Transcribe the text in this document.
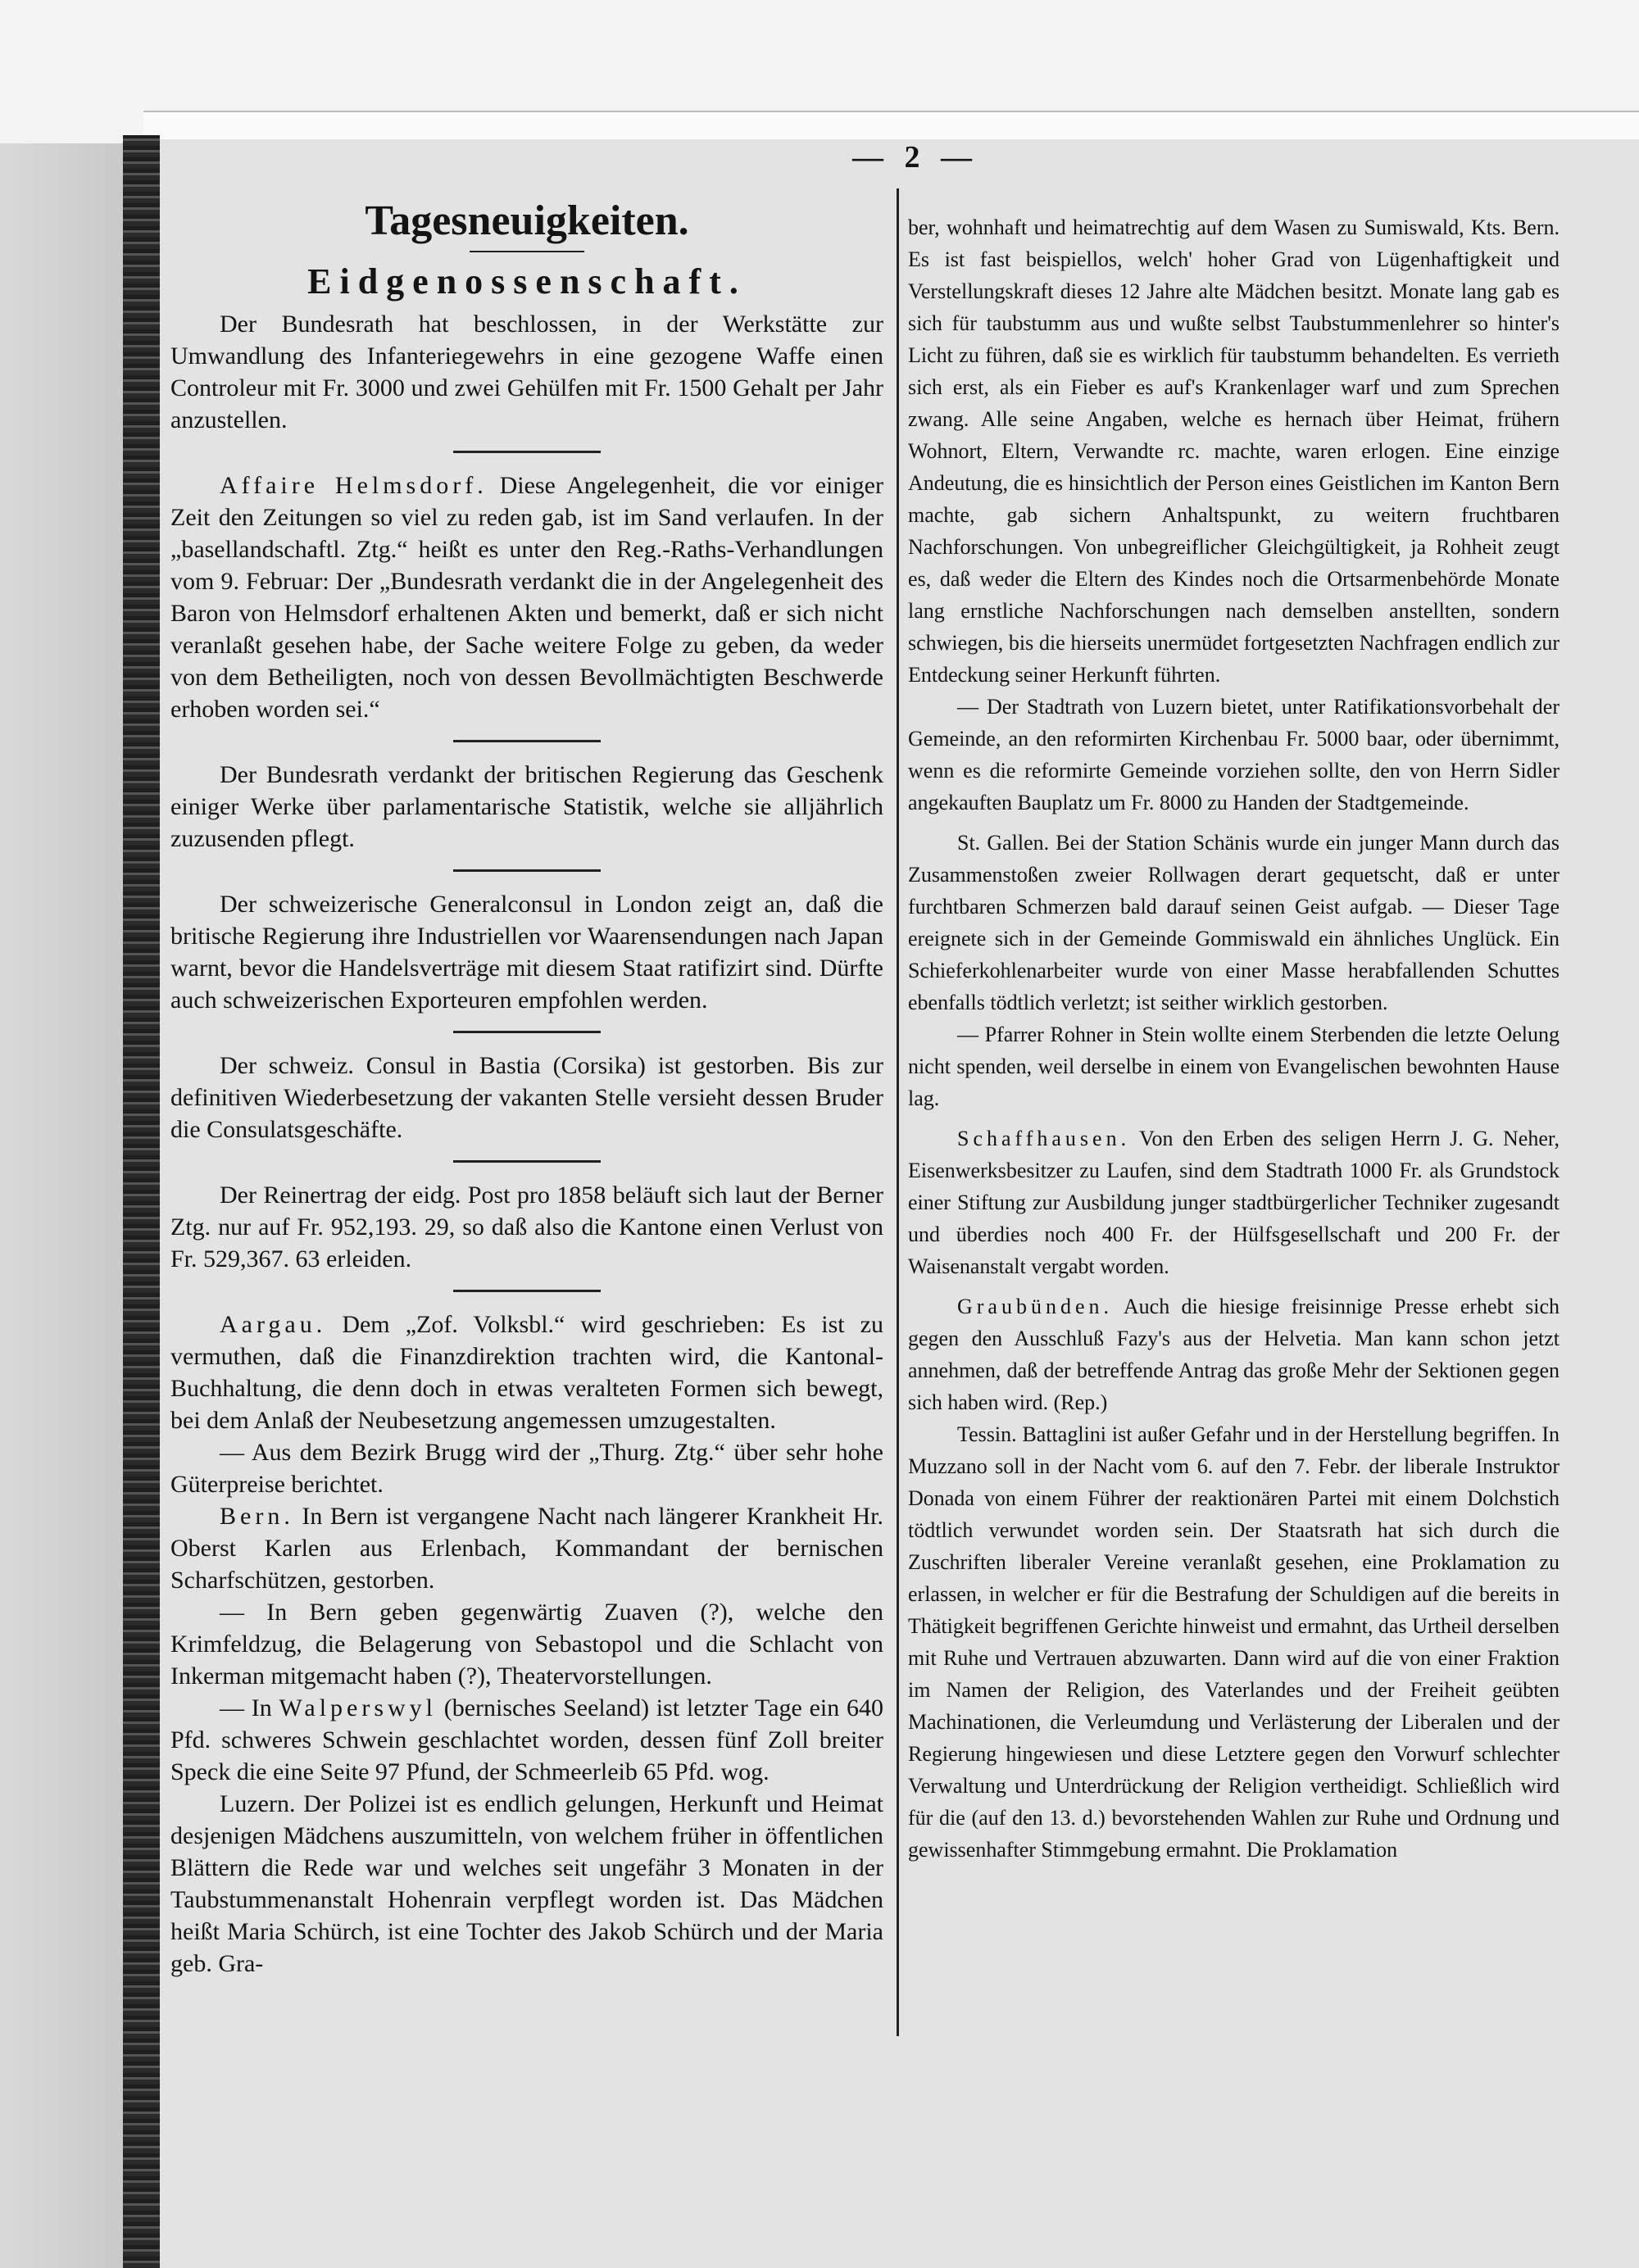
— 2 —
Tagesneuigkeiten.
Eidgenossenschaft.

Der Bundesrath hat beschlossen, in der Werkstätte zur Umwandlung des Infanteriegewehrs in eine gezogene Waffe einen Controleur mit Fr. 3000 und zwei Gehülfen mit Fr. 1500 Gehalt per Jahr anzustellen.

Affaire Helmsdorf. Diese Angelegenheit, die vor einiger Zeit den Zeitungen so viel zu reden gab, ist im Sand verlaufen. In der „basellandschaftl. Ztg.“ heißt es unter den Reg.-Raths-Verhandlungen vom 9. Februar: Der „Bundesrath verdankt die in der Angelegenheit des Baron von Helmsdorf erhaltenen Akten und bemerkt, daß er sich nicht veranlaßt gesehen habe, der Sache weitere Folge zu geben, da weder von dem Betheiligten, noch von dessen Bevollmächtigten Beschwerde erhoben worden sei.“

Der Bundesrath verdankt der britischen Regierung das Geschenk einiger Werke über parlamentarische Statistik, welche sie alljährlich zuzusenden pflegt.

Der schweizerische Generalconsul in London zeigt an, daß die britische Regierung ihre Industriellen vor Waarensendungen nach Japan warnt, bevor die Handelsverträge mit diesem Staat ratifizirt sind. Dürfte auch schweizerischen Exporteuren empfohlen werden.

Der schweiz. Consul in Bastia (Corsika) ist gestorben. Bis zur definitiven Wiederbesetzung der vakanten Stelle versieht dessen Bruder die Consulatsgeschäfte.

Der Reinertrag der eidg. Post pro 1858 beläuft sich laut der Berner Ztg. nur auf Fr. 952,193. 29, so daß also die Kantone einen Verlust von Fr. 529,367. 63 erleiden.

Aargau. Dem „Zof. Volksbl.“ wird geschrieben: Es ist zu vermuthen, daß die Finanzdirektion trachten wird, die Kantonal-Buchhaltung, die denn doch in etwas veralteten Formen sich bewegt, bei dem Anlaß der Neubesetzung angemessen umzugestalten.

— Aus dem Bezirk Brugg wird der „Thurg. Ztg.“ über sehr hohe Güterpreise berichtet.

Bern. In Bern ist vergangene Nacht nach längerer Krankheit Hr. Oberst Karlen aus Erlenbach, Kommandant der bernischen Scharfschützen, gestorben.

— In Bern geben gegenwärtig Zuaven (?), welche den Krimfeldzug, die Belagerung von Sebastopol und die Schlacht von Inkerman mitgemacht haben (?), Theatervorstellungen.

— In Walperswyl (bernisches Seeland) ist letzter Tage ein 640 Pfd. schweres Schwein geschlachtet worden, dessen fünf Zoll breiter Speck die eine Seite 97 Pfund, der Schmeerleib 65 Pfd. wog.

Luzern. Der Polizei ist es endlich gelungen, Herkunft und Heimat desjenigen Mädchens auszumitteln, von welchem früher in öffentlichen Blättern die Rede war und welches seit ungefähr 3 Monaten in der Taubstummenanstalt Hohenrain verpflegt worden ist. Das Mädchen heißt Maria Schürch, ist eine Tochter des Jakob Schürch und der Maria geb. Gra-

ber, wohnhaft und heimatrechtig auf dem Wasen zu Sumiswald, Kts. Bern. Es ist fast beispiellos, welch' hoher Grad von Lügenhaftigkeit und Verstellungskraft dieses 12 Jahre alte Mädchen besitzt. Monate lang gab es sich für taubstumm aus und wußte selbst Taubstummenlehrer so hinter's Licht zu führen, daß sie es wirklich für taubstumm behandelten. Es verrieth sich erst, als ein Fieber es auf's Krankenlager warf und zum Sprechen zwang. Alle seine Angaben, welche es hernach über Heimat, frühern Wohnort, Eltern, Verwandte rc. machte, waren erlogen. Eine einzige Andeutung, die es hinsichtlich der Person eines Geistlichen im Kanton Bern machte, gab sichern Anhaltspunkt, zu weitern fruchtbaren Nachforschungen. Von unbegreiflicher Gleichgültigkeit, ja Rohheit zeugt es, daß weder die Eltern des Kindes noch die Ortsarmenbehörde Monate lang ernstliche Nachforschungen nach demselben anstellten, sondern schwiegen, bis die hierseits unermüdet fortgesetzten Nachfragen endlich zur Entdeckung seiner Herkunft führten.

— Der Stadtrath von Luzern bietet, unter Ratifikationsvorbehalt der Gemeinde, an den reformirten Kirchenbau Fr. 5000 baar, oder übernimmt, wenn es die reformirte Gemeinde vorziehen sollte, den von Herrn Sidler angekauften Bauplatz um Fr. 8000 zu Handen der Stadtgemeinde.

St. Gallen. Bei der Station Schänis wurde ein junger Mann durch das Zusammenstoßen zweier Rollwagen derart gequetscht, daß er unter furchtbaren Schmerzen bald darauf seinen Geist aufgab. — Dieser Tage ereignete sich in der Gemeinde Gommiswald ein ähnliches Unglück. Ein Schieferkohlenarbeiter wurde von einer Masse herabfallenden Schuttes ebenfalls tödtlich verletzt; ist seither wirklich gestorben.

— Pfarrer Rohner in Stein wollte einem Sterbenden die letzte Oelung nicht spenden, weil derselbe in einem von Evangelischen bewohnten Hause lag.

Schaffhausen. Von den Erben des seligen Herrn J. G. Neher, Eisenwerksbesitzer zu Laufen, sind dem Stadtrath 1000 Fr. als Grundstock einer Stiftung zur Ausbildung junger stadtbürgerlicher Techniker zugesandt und überdies noch 400 Fr. der Hülfsgesellschaft und 200 Fr. der Waisenanstalt vergabt worden.

Graubünden. Auch die hiesige freisinnige Presse erhebt sich gegen den Ausschluß Fazy's aus der Helvetia. Man kann schon jetzt annehmen, daß der betreffende Antrag das große Mehr der Sektionen gegen sich haben wird. (Rep.)

Tessin. Battaglini ist außer Gefahr und in der Herstellung begriffen. In Muzzano soll in der Nacht vom 6. auf den 7. Febr. der liberale Instruktor Donada von einem Führer der reaktionären Partei mit einem Dolchstich tödtlich verwundet worden sein. Der Staatsrath hat sich durch die Zuschriften liberaler Vereine veranlaßt gesehen, eine Proklamation zu erlassen, in welcher er für die Bestrafung der Schuldigen auf die bereits in Thätigkeit begriffenen Gerichte hinweist und ermahnt, das Urtheil derselben mit Ruhe und Vertrauen abzuwarten. Dann wird auf die von einer Fraktion im Namen der Religion, des Vaterlandes und der Freiheit geübten Machinationen, die Verleumdung und Verlästerung der Liberalen und der Regierung hingewiesen und diese Letztere gegen den Vorwurf schlechter Verwaltung und Unterdrückung der Religion vertheidigt. Schließlich wird für die (auf den 13. d.) bevorstehenden Wahlen zur Ruhe und Ordnung und gewissenhafter Stimmgebung ermahnt. Die Proklamation
